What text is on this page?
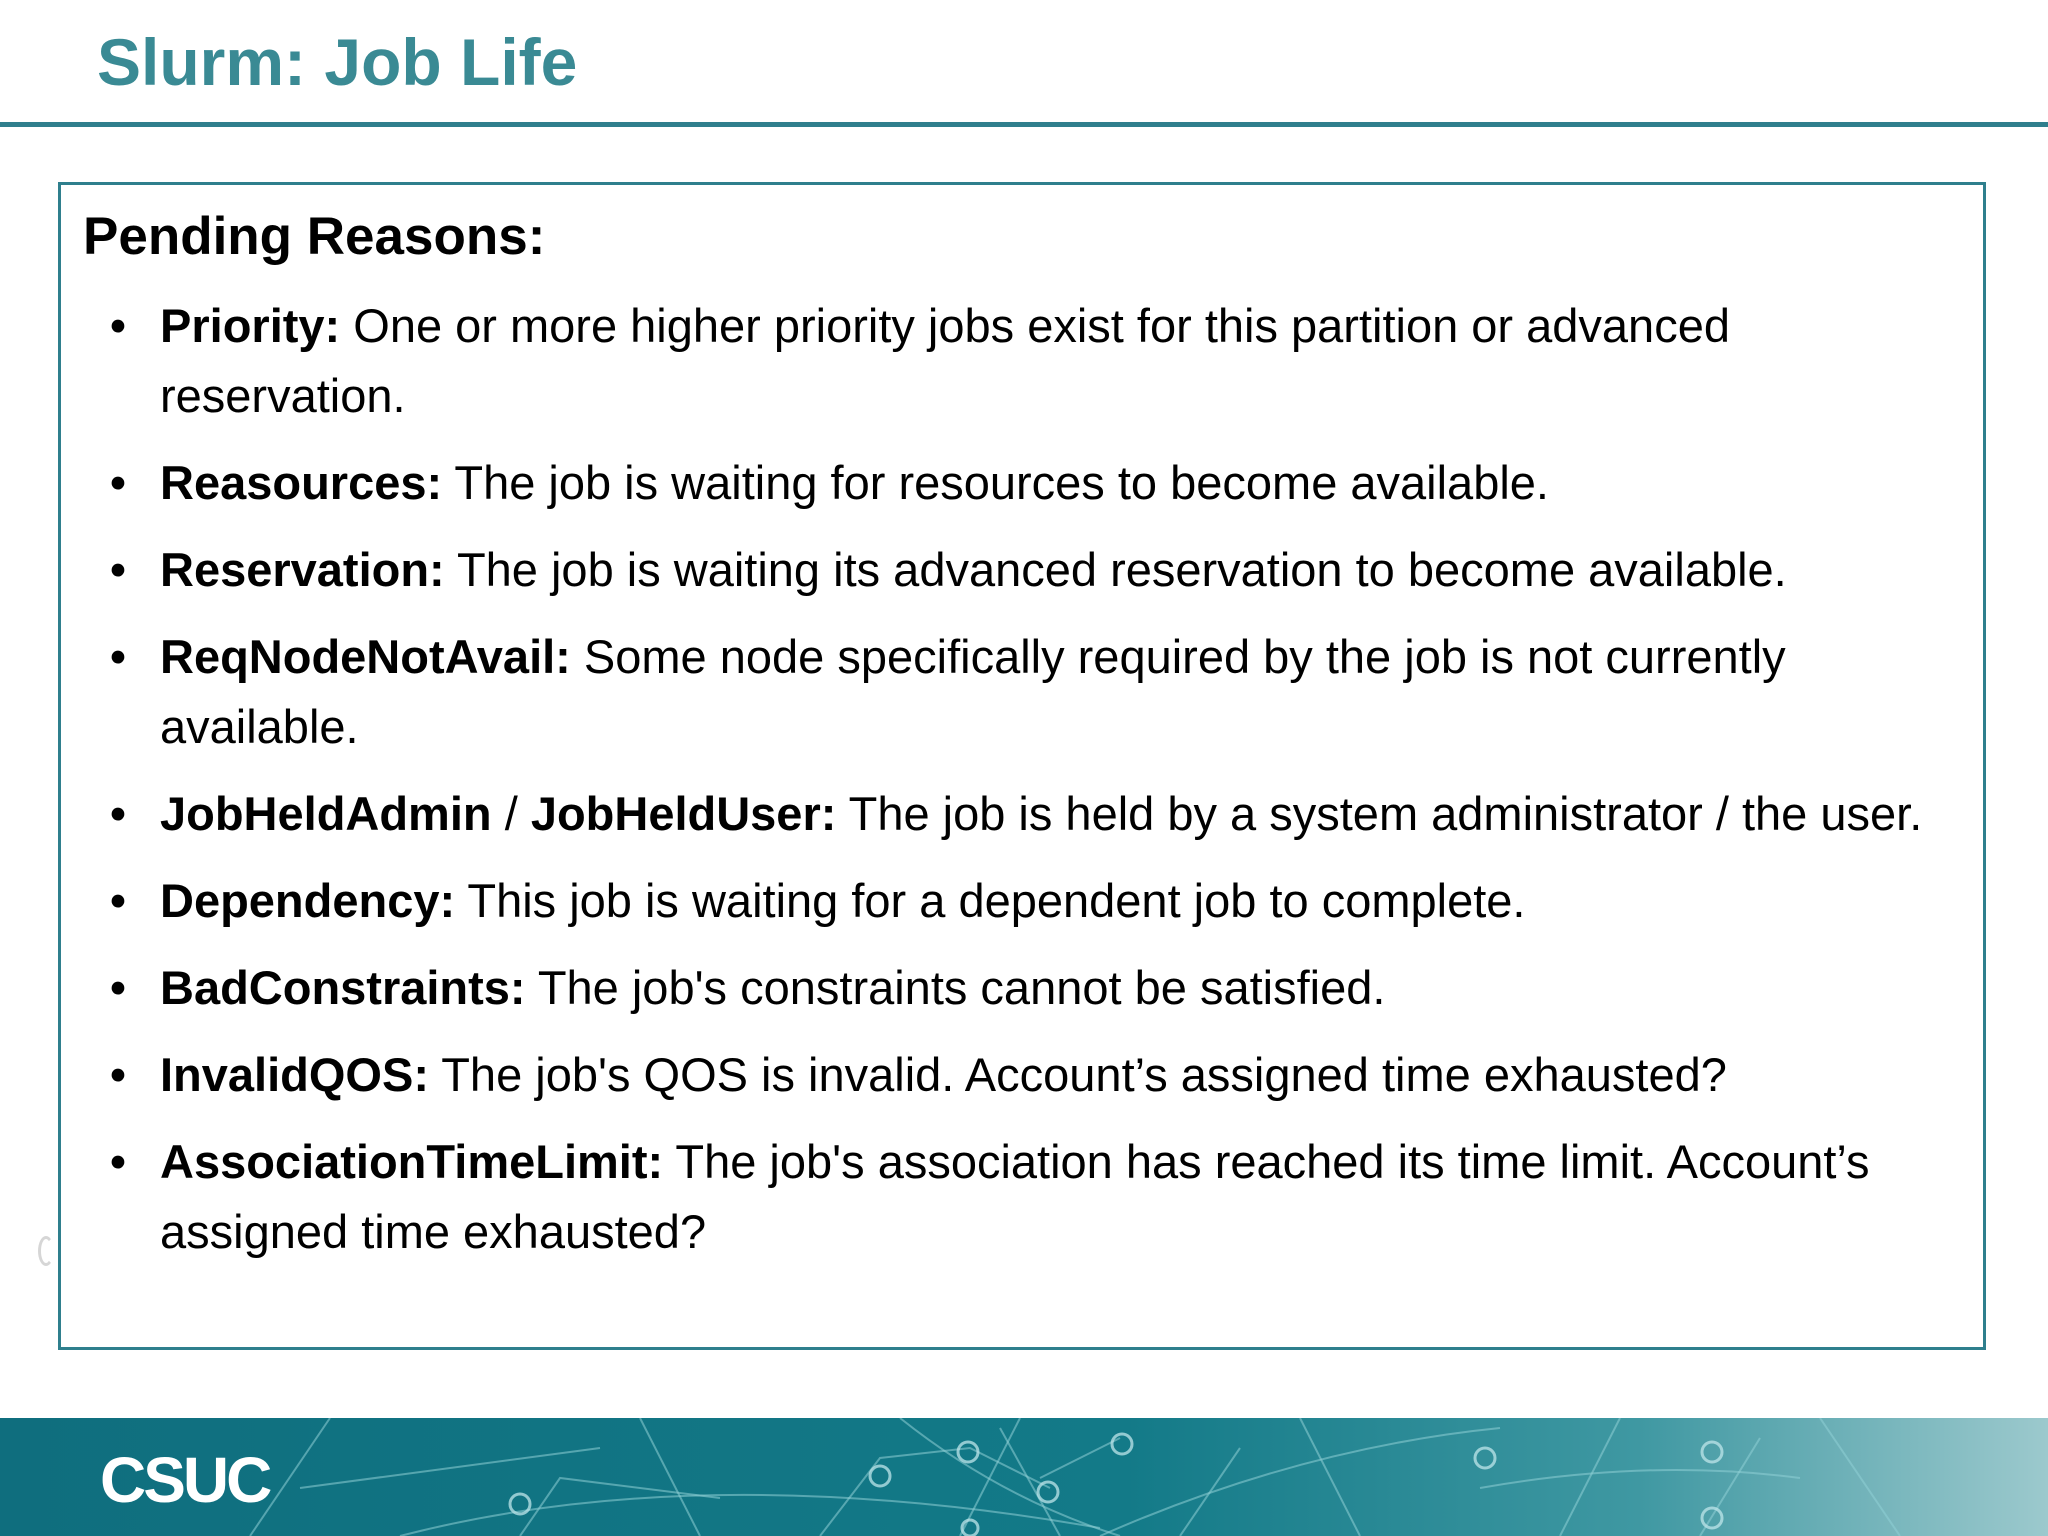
Slurm: Job Life
Pending Reasons:
• Priority: One or more higher priority jobs exist for this partition or advanced reservation.
• Reasources: The job is waiting for resources to become available.
• Reservation: The job is waiting its advanced reservation to become available.
• ReqNodeNotAvail: Some node specifically required by the job is not currently available.
• JobHeldAdmin / JobHeldUser: The job is held by a system administrator / the user.
• Dependency: This job is waiting for a dependent job to complete.
• BadConstraints: The job's constraints cannot be satisfied.
• InvalidQOS: The job's QOS is invalid. Account’s assigned time exhausted?
• AssociationTimeLimit: The job's association has reached its time limit. Account’s assigned time exhausted?
CSUC
